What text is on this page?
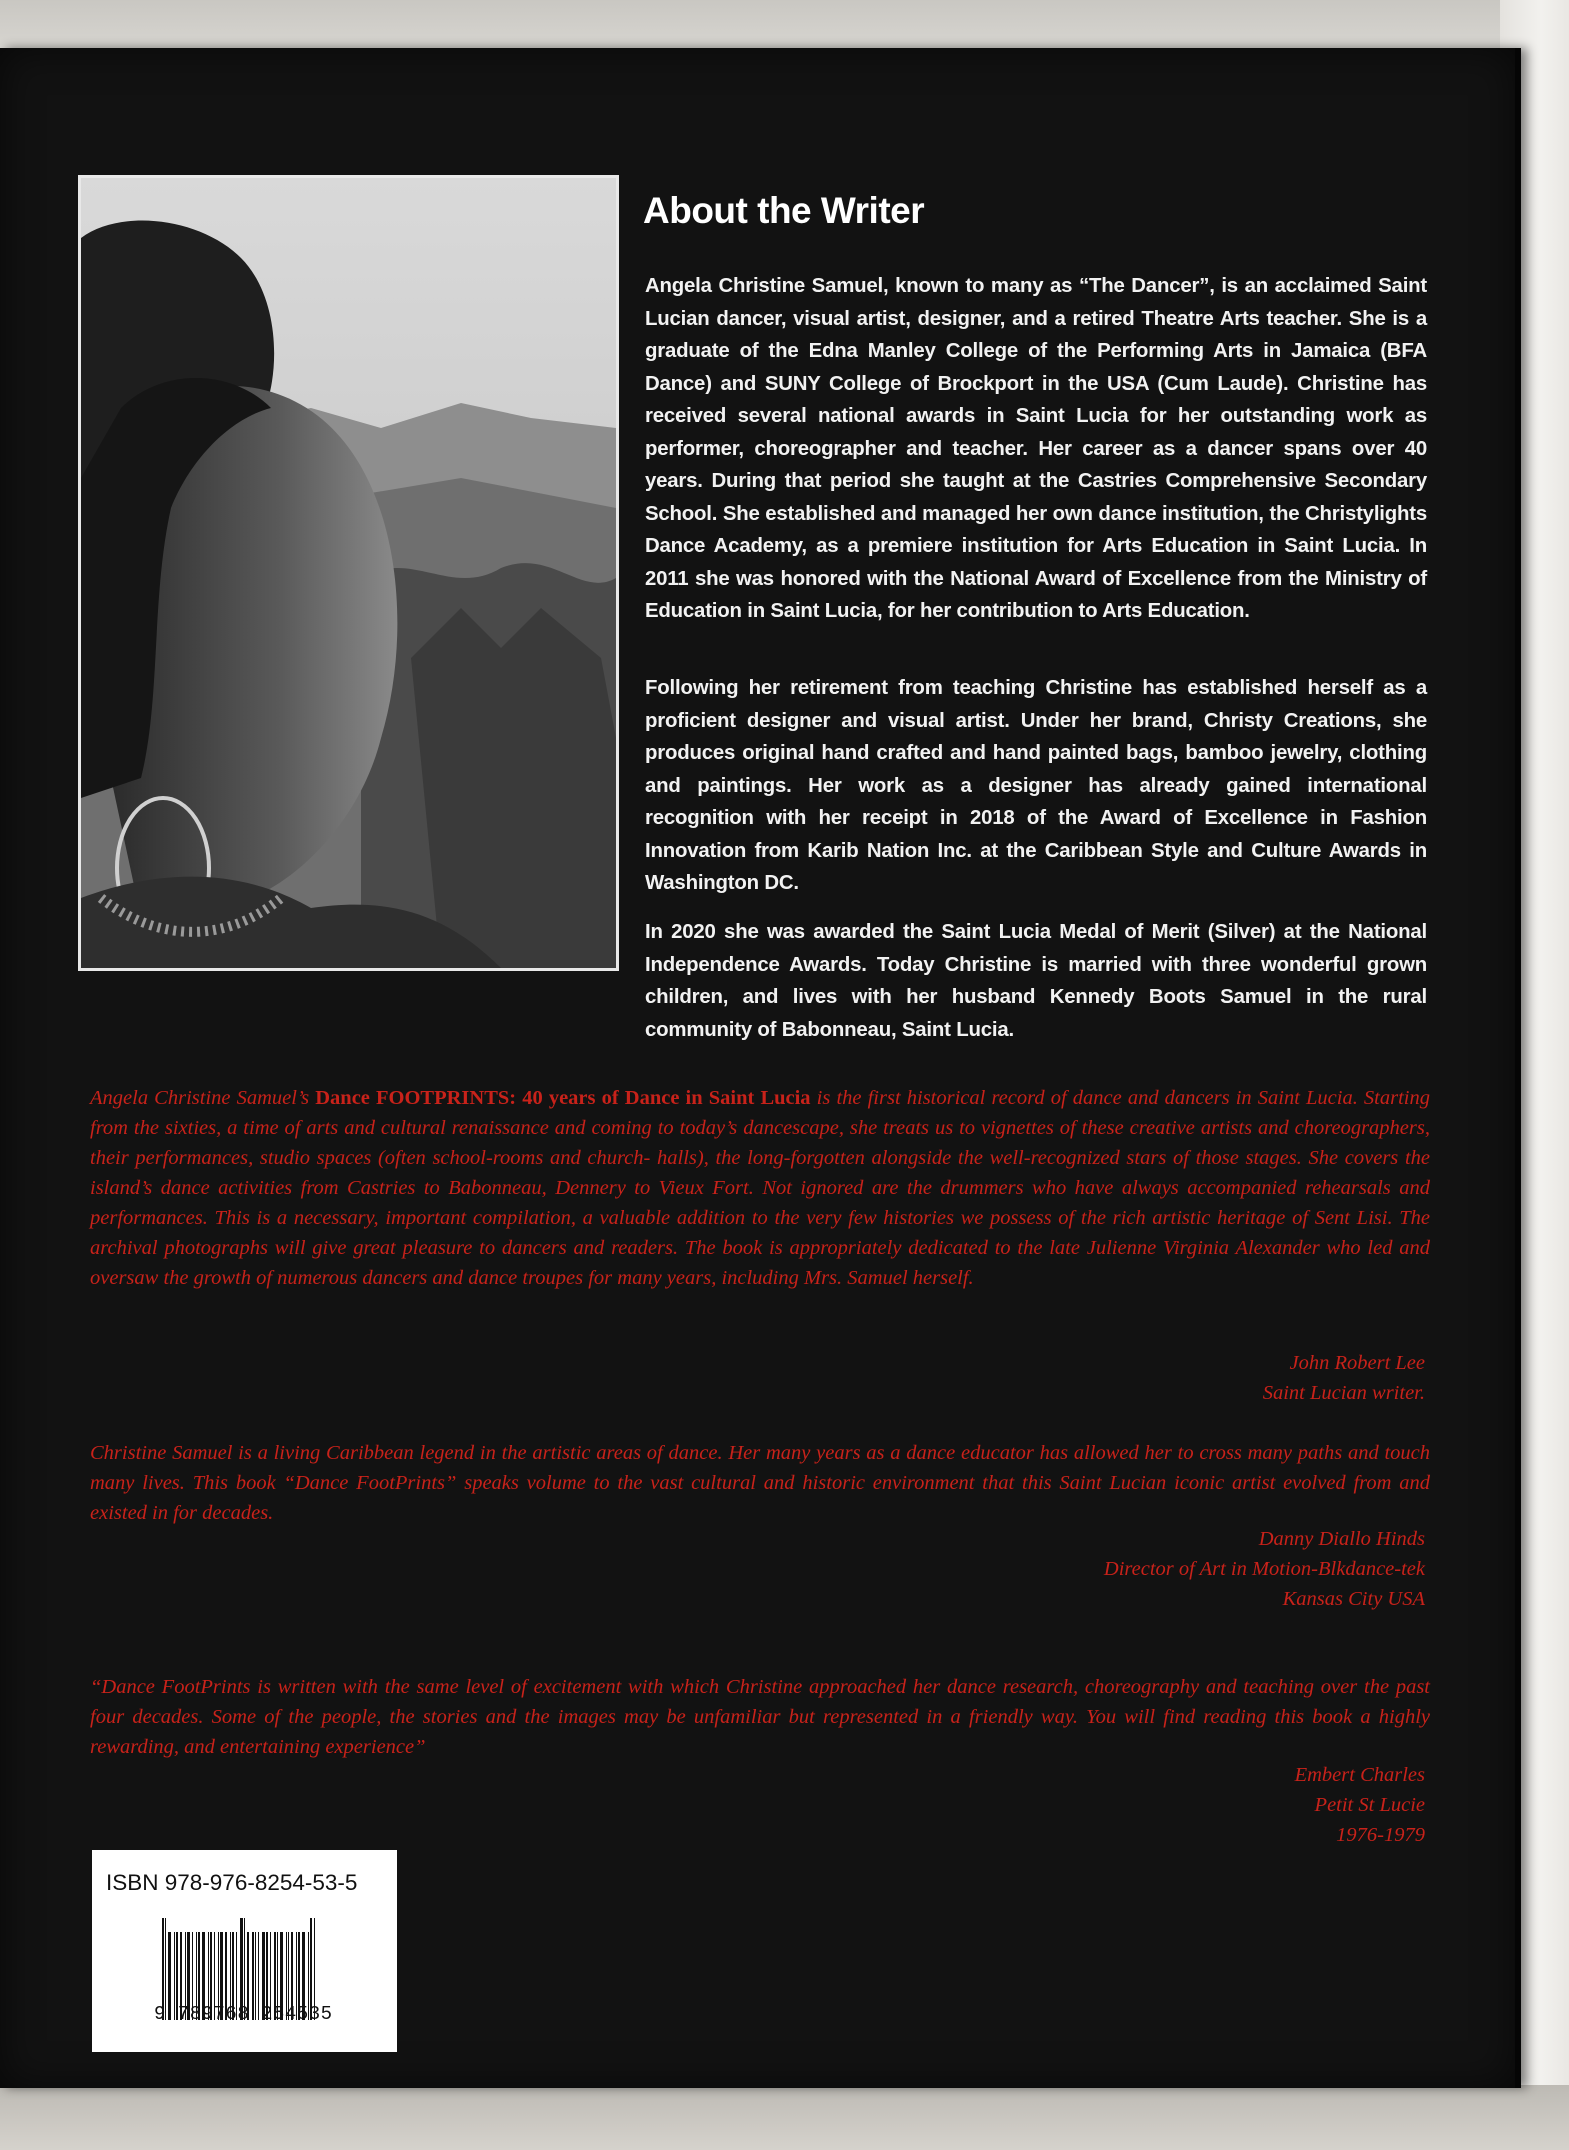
About the Writer

Angela Christine Samuel, known to many as “The Dancer”, is an acclaimed Saint Lucian dancer, visual artist, designer, and a retired Theatre Arts teacher. She is a graduate of the Edna Manley College of the Performing Arts in Jamaica (BFA Dance) and SUNY College of Brockport in the USA (Cum Laude). Christine has received several national awards in Saint Lucia for her outstanding work as performer, choreographer and teacher. Her career as a dancer spans over 40 years. During that period she taught at the Castries Comprehensive Secondary School. She established and managed her own dance institution, the Christylights Dance Academy, as a premiere institution for Arts Education in Saint Lucia. In 2011 she was honored with the National Award of Excellence from the Ministry of Education in Saint Lucia, for her contribution to Arts Education.

Following her retirement from teaching Christine has established herself as a proficient designer and visual artist. Under her brand, Christy Creations, she produces original hand crafted and hand painted bags, bamboo jewelry, clothing and paintings. Her work as a designer has already gained international recognition with her receipt in 2018 of the Award of Excellence in Fashion Innovation from Karib Nation Inc. at the Caribbean Style and Culture Awards in Washington DC.

In 2020 she was awarded the Saint Lucia Medal of Merit (Silver) at the National Independence Awards. Today Christine is married with three wonderful grown children, and lives with her husband Kennedy Boots Samuel in the rural community of Babonneau, Saint Lucia.

Angela Christine Samuel’s Dance FOOTPRINTS: 40 years of Dance in Saint Lucia is the first historical record of dance and dancers in Saint Lucia. Starting from the sixties, a time of arts and cultural renaissance and coming to today’s dancescape, she treats us to vignettes of these creative artists and choreographers, their performances, studio spaces (often school-rooms and church- halls), the long-forgotten alongside the well-recognized stars of those stages. She covers the island’s dance activities from Castries to Babonneau, Dennery to Vieux Fort. Not ignored are the drummers who have always accompanied rehearsals and performances. This is a necessary, important compilation, a valuable addition to the very few histories we possess of the rich artistic heritage of Sent Lisi. The archival photographs will give great pleasure to dancers and readers. The book is appropriately dedicated to the late Julienne Virginia Alexander who led and oversaw the growth of numerous dancers and dance troupes for many years, including Mrs. Samuel herself.

John Robert Lee
Saint Lucian writer.

Christine Samuel is a living Caribbean legend in the artistic areas of dance. Her many years as a dance educator has allowed her to cross many paths and touch many lives. This book “Dance FootPrints” speaks volume to the vast cultural and historic environment that this Saint Lucian iconic artist evolved from and existed in for decades.

Danny Diallo Hinds
Director of Art in Motion-Blkdance-tek
Kansas City USA

“Dance FootPrints is written with the same level of excitement with which Christine approached her dance research, choreography and teaching over the past four decades. Some of the people, the stories and the images may be unfamiliar but represented in a friendly way. You will find reading this book a highly rewarding, and entertaining experience”

Embert Charles
Petit St Lucie
1976-1979

ISBN 978-976-8254-53-5
9 789768 254535
